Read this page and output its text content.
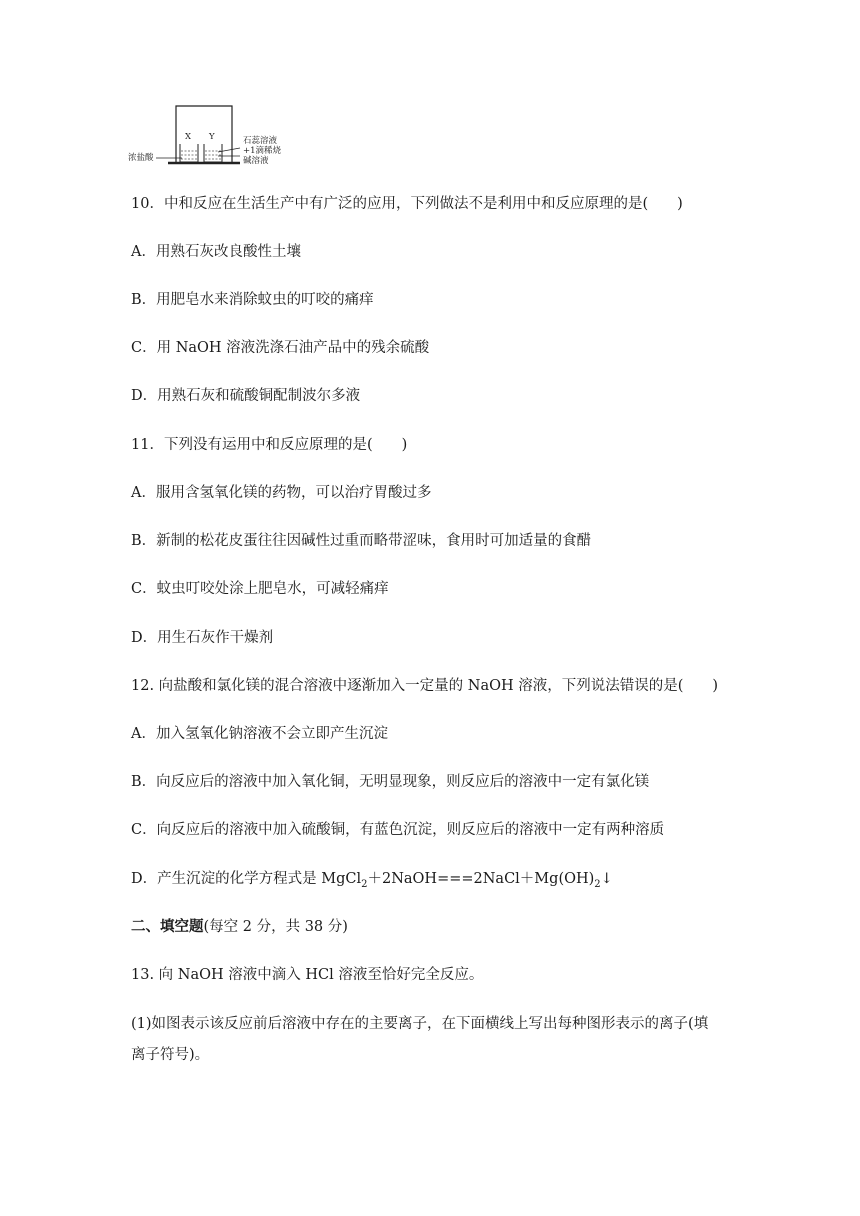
浓盐酸
X Y	石蕊溶液
+1滴稀烧
碱溶液
10．中和反应在生活生产中有广泛的应用，下列做法不是利用中和反应原理的是(　　)
A．用熟石灰改良酸性土壤
B．用肥皂水来消除蚊虫的叮咬的痛痒
C．用 NaOH 溶液洗涤石油产品中的残余硫酸
D．用熟石灰和硫酸铜配制波尔多液
11．下列没有运用中和反应原理的是(　　)
A．服用含氢氧化镁的药物，可以治疗胃酸过多
B．新制的松花皮蛋往往因碱性过重而略带涩味，食用时可加适量的食醋
C．蚊虫叮咬处涂上肥皂水，可减轻痛痒
D．用生石灰作干燥剂
12. 向盐酸和氯化镁的混合溶液中逐渐加入一定量的 NaOH 溶液，下列说法错误的是(　　)
A．加入氢氧化钠溶液不会立即产生沉淀
B．向反应后的溶液中加入氧化铜，无明显现象，则反应后的溶液中一定有氯化镁
C．向反应后的溶液中加入硫酸铜，有蓝色沉淀，则反应后的溶液中一定有两种溶质
D．产生沉淀的化学方程式是 $MgCl_2+2NaOH===2NaCl+Mg(OH)_2↓$
二、填空题(每空 2 分，共 38 分)
13. 向 NaOH 溶液中滴入 HCl 溶液至恰好完全反应。
(1)如图表示该反应前后溶液中存在的主要离子，在下面横线上写出每种图形表示的离子(填
离子符号)。
